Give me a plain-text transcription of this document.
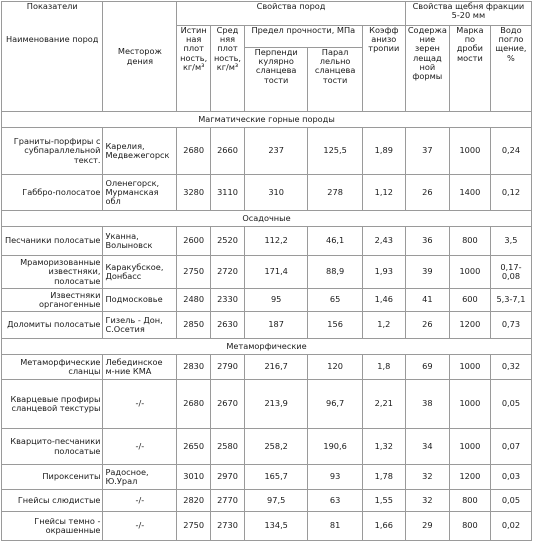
Показатели
Наименование пород	Месторож дения	Свойства пород					Свойства щебня фракции 5-20 мм		
		Истин ная плот ность, кг/м³	Сред няя плот ность, кг/м³	Предел прочности, МПа		Коэфф анизо тропии	Содержа ние зерен лещад ной формы	Марка по дроби мости	Водо погло щение, %
				Перпенди кулярно сланцева тости	Парал лельно сланцева тости				
Магматические горные породы									
Граниты-порфиры с субпараллельной текст.	Карелия, Медвежегорск	2680	2660	237	125,5	1,89	37	1000	0,24
Габбро-полосатое	Оленегорск, Мурманская обл	3280	3110	310	278	1,12	26	1400	0,12
Осадочные									
Песчаники полосатые	Уканна, Волыновск	2600	2520	112,2	46,1	2,43	36	800	3,5
Мраморизованные известняки, полосатые	Каракубское, Донбасс	2750	2720	171,4	88,9	1,93	39	1000	0,17-0,08
Известняки органогенные	Подмосковье	2480	2330	95	65	1,46	41	600	5,3-7,1
Доломиты полосатые	Гизель - Дон, С.Осетия	2850	2630	187	156	1,2	26	1200	0,73
Метаморфические									
Метаморфические сланцы	Лебединское м-ние КМА	2830	2790	216,7	120	1,8	69	1000	0,32
Кварцевые профиры сланцевой текстуры	-/-	2680	2670	213,9	96,7	2,21	38	1000	0,05
Кварцито-песчаники полосатые	-/-	2650	2580	258,2	190,6	1,32	34	1000	0,07
Пироксениты	Радосное, Ю.Урал	3010	2970	165,7	93	1,78	32	1200	0,03
Гнейсы слюдистые	-/-	2820	2770	97,5	63	1,55	32	800	0,05
Гнейсы темно - окрашенные	-/-	2750	2730	134,5	81	1,66	29	800	0,02
